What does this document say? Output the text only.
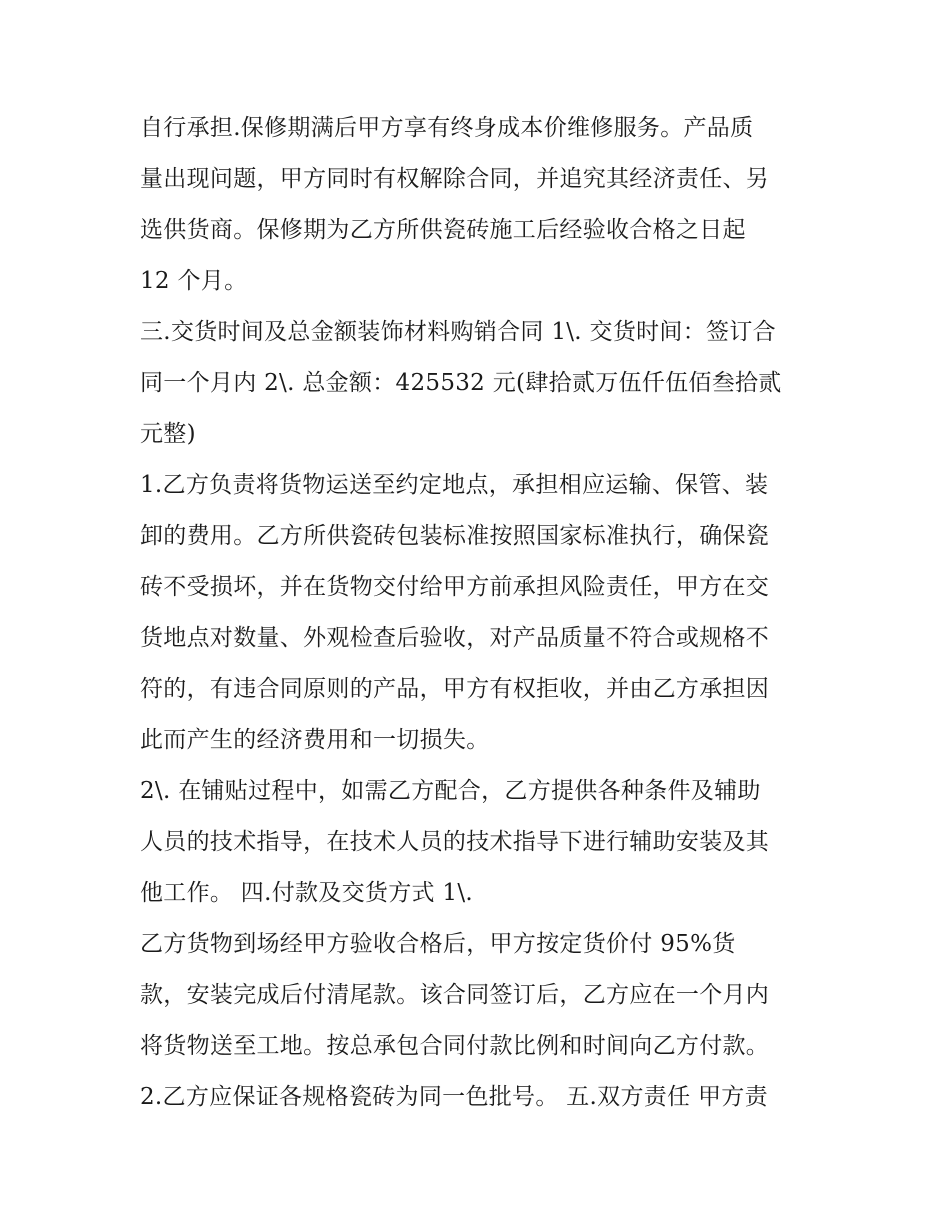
自行承担.保修期满后甲方享有终身成本价维修服务。产品质
量出现问题，甲方同时有权解除合同，并追究其经济责任、另
选供货商。保修期为乙方所供瓷砖施工后经验收合格之日起
12 个月。
三.交货时间及总金额装饰材料购销合同 1\. 交货时间：签订合
同一个月内 2\. 总金额：425532 元(肆拾贰万伍仟伍佰叁拾贰
元整)
1.乙方负责将货物运送至约定地点，承担相应运输、保管、装
卸的费用。乙方所供瓷砖包装标准按照国家标准执行，确保瓷
砖不受损坏，并在货物交付给甲方前承担风险责任，甲方在交
货地点对数量、外观检查后验收，对产品质量不符合或规格不
符的，有违合同原则的产品，甲方有权拒收，并由乙方承担因
此而产生的经济费用和一切损失。
2\. 在铺贴过程中，如需乙方配合，乙方提供各种条件及辅助
人员的技术指导，在技术人员的技术指导下进行辅助安装及其
他工作。 四.付款及交货方式 1\.
乙方货物到场经甲方验收合格后，甲方按定货价付 95%货
款，安装完成后付清尾款。该合同签订后，乙方应在一个月内
将货物送至工地。按总承包合同付款比例和时间向乙方付款。
2.乙方应保证各规格瓷砖为同一色批号。 五.双方责任 甲方责
